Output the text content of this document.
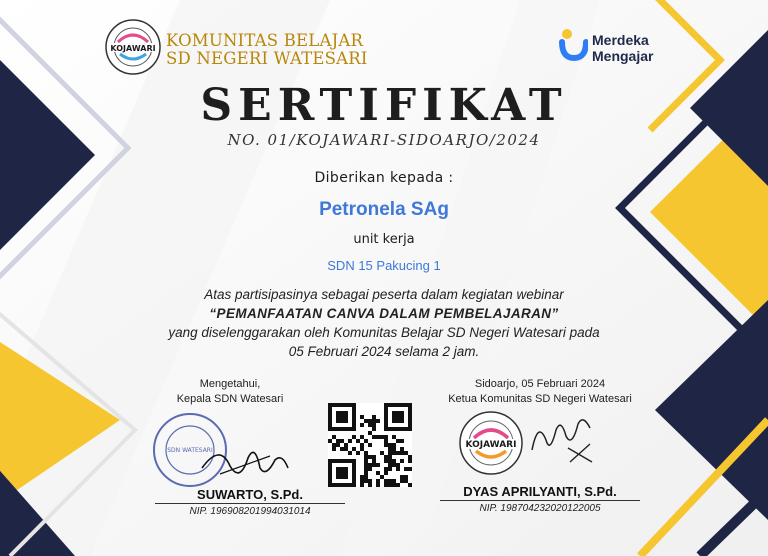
KOJAWARI KOMUNITAS BELAJAR
SD NEGERI WATESARI
Merdeka
Mengajar
SERTIFIKAT
NO. 01/KOJAWARI-SIDOARJO/2024
Diberikan kepada :
Petronela SAg
unit kerja
SDN 15 Pakucing 1
Atas partisipasinya sebagai peserta dalam kegiatan webinar
“PEMANFAATAN CANVA DALAM PEMBELAJARAN”
yang diselenggarakan oleh Komunitas Belajar SD Negeri Watesari pada
05 Februari 2024 selama 2 jam.
Mengetahui,
Kepala SDN Watesari
SDN WATESARI
SUWARTO, S.Pd.
NIP. 196908201994031014
Sidoarjo, 05 Februari 2024
Ketua Komunitas SD Negeri Watesari
KOJAWARI
DYAS APRILYANTI, S.Pd.
NIP. 198704232020122005
